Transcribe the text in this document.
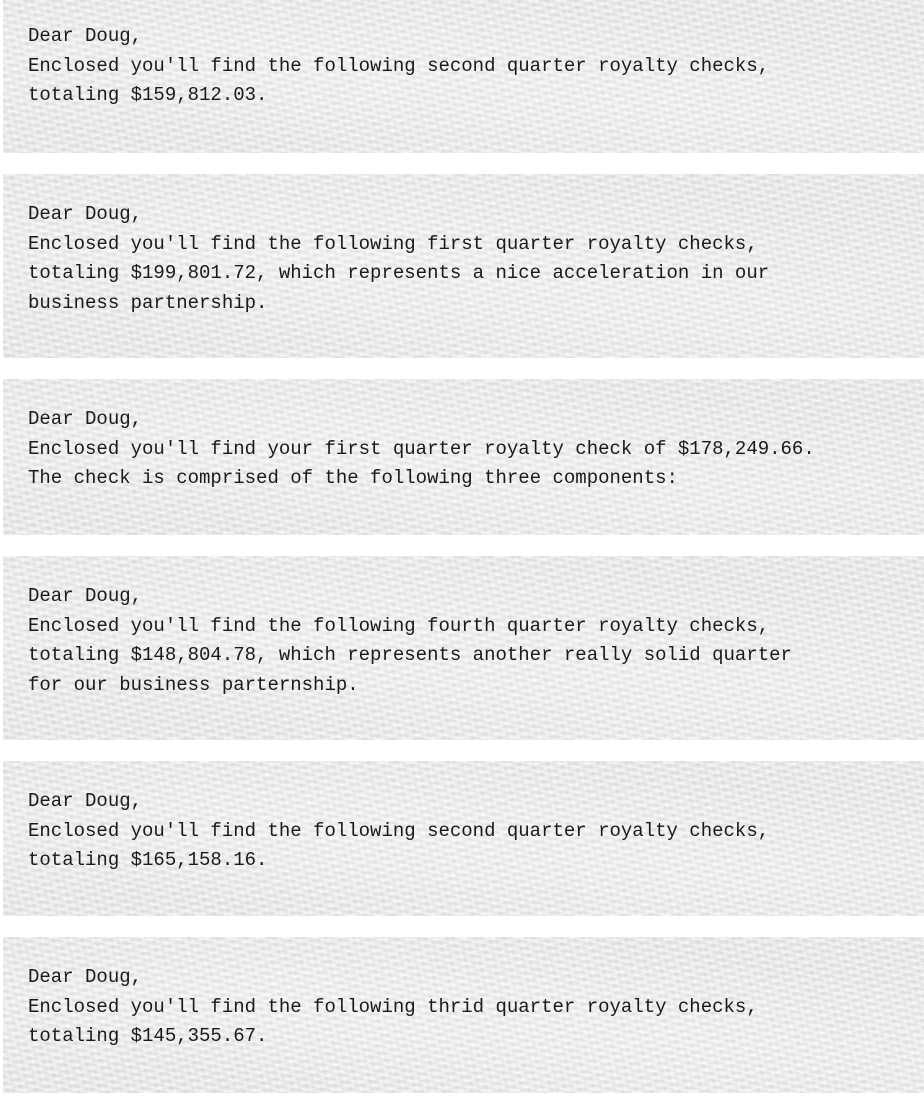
Dear Doug,
Enclosed you'll find the following second quarter royalty checks,
totaling $159,812.03.
Dear Doug,
Enclosed you'll find the following first quarter royalty checks,
totaling $199,801.72, which represents a nice acceleration in our
business partnership.
Dear Doug,
Enclosed you'll find your first quarter royalty check of $178,249.66.
The check is comprised of the following three components:
Dear Doug,
Enclosed you'll find the following fourth quarter royalty checks,
totaling $148,804.78, which represents another really solid quarter
for our business parternship.
Dear Doug,
Enclosed you'll find the following second quarter royalty checks,
totaling $165,158.16.
Dear Doug,
Enclosed you'll find the following thrid quarter royalty checks,
totaling $145,355.67.
